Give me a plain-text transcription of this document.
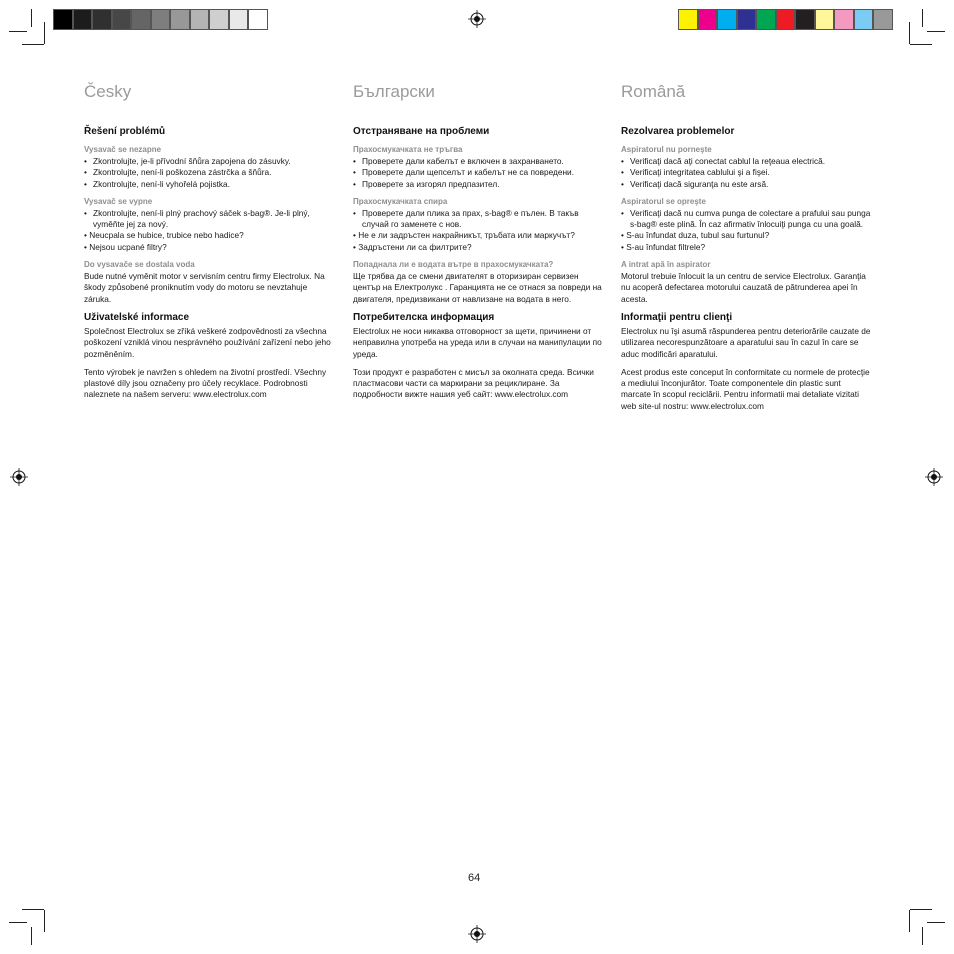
Česky
Řešení problémů
Vysavač se nezapne
• Zkontrolujte, je-li přívodní šňůra zapojena do zásuvky.
• Zkontrolujte, není-li poškozena zástrčka a šňůra.
• Zkontrolujte, není-li vyhořelá pojistka.
Vysavač se vypne
• Zkontrolujte, není-li plný prachový sáček s-bag®. Je-li plný, vyměňte jej za nový.
• Neucpala se hubice, trubice nebo hadice?
• Nejsou ucpané filtry?
Do vysavače se dostala voda

Bude nutné vyměnit motor v servisním centru firmy Electrolux. Na škody způsobené proniknutím vody do motoru se nevztahuje záruka.

Uživatelské informace

Společnost Electrolux se zříká veškeré zodpovědnosti za všechna poškození vzniklá vinou nesprávného používání zařízení nebo jeho pozměněním.

Tento výrobek je navržen s ohledem na životní prostředí. Všechny plastové díly jsou označeny pro účely recyklace. Podrobnosti naleznete na našem serveru: www.electrolux.com

Български
Отстраняване на проблеми
Прахосмукачката не тръгва
• Проверете дали кабелът е включен в захранването.
• Проверете дали щепселът и кабелът не са повредени.
• Проверете за изгорял предпазител.
Прахосмукачката спира
• Проверете дали плика за прах, s-bag® е пълен. В такъв случай го заменете с нов.
• Не е ли задръстен накрайникът, тръбата или маркучът?
• Задръстени ли са филтрите?
Попаднала ли е водата вътре в прахосмукачката?

Ще трябва да се смени двигателят в оторизиран сервизен център на Електролукс . Гаранцията не се отнася за повреди на двигателя, предизвикани от навлизане на водата в него.

Потребителска информация

Electrolux не носи никаква отговорност за щети, причинени от неправилна употреба на уреда или в случаи на манипулации по уреда.

Този продукт е разработен с мисъл за околната среда. Всички пластмасови части са маркирани за рециклиране. За подробности вижте нашия уеб сайт: www.electrolux.com

Română
Rezolvarea problemelor
Aspiratorul nu porneşte
• Verificaţi dacă aţi conectat cablul la reţeaua electrică.
• Verificaţi integritatea cablului şi a fişei.
• Verificaţi dacă siguranţa nu este arsă.
Aspiratorul se opreşte
• Verificaţi dacă nu cumva punga de colectare a prafului sau punga s-bag® este plină. În caz afirmativ înlocuiţi punga cu una goală.
• S-au înfundat duza, tubul sau furtunul?
• S-au înfundat filtrele?
A intrat apă în aspirator

Motorul trebuie înlocuit la un centru de service Electrolux. Garanţia nu acoperă defectarea motorului cauzată de pătrunderea apei în acesta.

Informaţii pentru clienţi

Electrolux nu îşi asumă răspunderea pentru deteriorările cauzate de utilizarea necorespunzătoare a aparatului sau în cazul în care se aduc modificări aparatului.

Acest produs este conceput în conformitate cu normele de protecţie a mediului înconjurător. Toate componentele din plastic sunt marcate în scopul reciclării. Pentru informatii mai detaliate vizitati web site-ul nostru: www.electrolux.com

64
